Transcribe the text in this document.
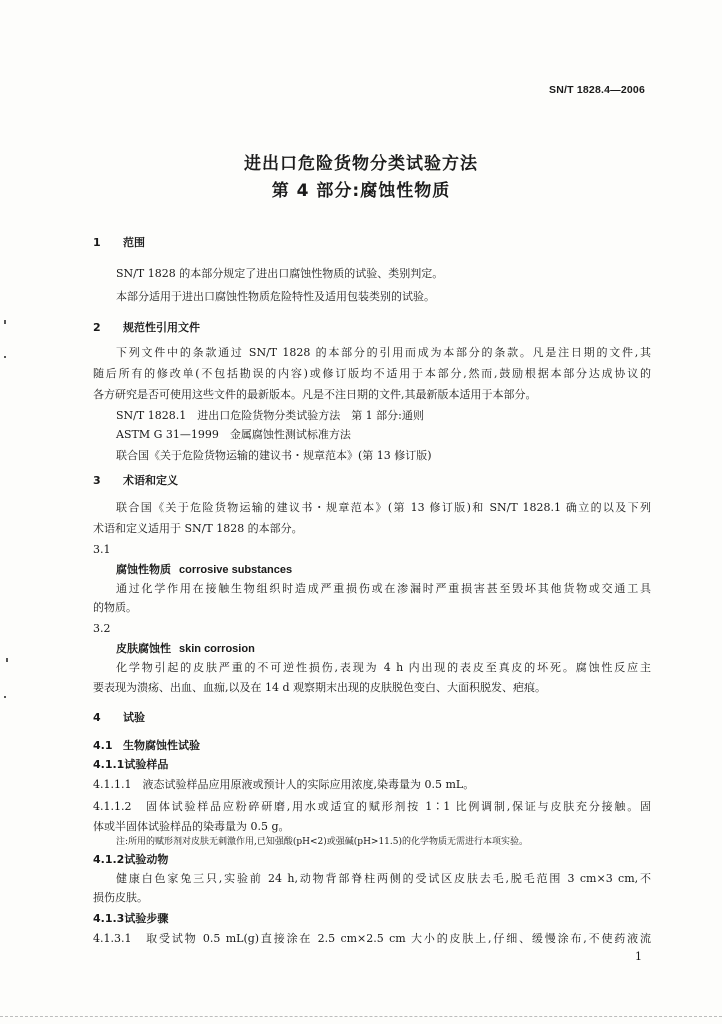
SN/T 1828.4—2006
进出口危险货物分类试验方法
第 4 部分:腐蚀性物质
1 范围
SN/T 1828 的本部分规定了进出口腐蚀性物质的试验、类别判定。
本部分适用于进出口腐蚀性物质危险特性及适用包装类别的试验。
2 规范性引用文件
下列文件中的条款通过 SN/T 1828 的本部分的引用而成为本部分的条款。凡是注日期的文件,其
随后所有的修改单(不包括勘误的内容)或修订版均不适用于本部分,然而,鼓励根据本部分达成协议的
各方研究是否可使用这些文件的最新版本。凡是不注日期的文件,其最新版本适用于本部分。
SN/T 1828.1　进出口危险货物分类试验方法　第 1 部分:通则
ASTM G 31—1999　金属腐蚀性测试标准方法
联合国《关于危险货物运输的建议书・规章范本》(第 13 修订版)
3 术语和定义
联合国《关于危险货物运输的建议书・规章范本》(第 13 修订版)和 SN/T 1828.1 确立的以及下列
术语和定义适用于 SN/T 1828 的本部分。
3.1
腐蚀性物质 corrosive substances
通过化学作用在接触生物组织时造成严重损伤或在渗漏时严重损害甚至毁坏其他货物或交通工具
的物质。
3.2
皮肤腐蚀性 skin corrosion
化学物引起的皮肤严重的不可逆性损伤,表现为 4 h 内出现的表皮至真皮的坏死。腐蚀性反应主
要表现为溃疡、出血、血痂,以及在 14 d 观察期末出现的皮肤脱色变白、大面积脱发、疤痕。
4 试验
4.1 生物腐蚀性试验
4.1.1试验样品
4.1.1.1　液态试验样品应用原液或预计人的实际应用浓度,染毒量为 0.5 mL。
4.1.1.2　固体试验样品应粉碎研磨,用水或适宜的赋形剂按 1∶1 比例调制,保证与皮肤充分接触。固
体或半固体试验样品的染毒量为 0.5 g。
注:所用的赋形剂对皮肤无刺激作用,已知强酸(pH<2)或强碱(pH>11.5)的化学物质无需进行本项实验。
4.1.2试验动物
健康白色家兔三只,实验前 24 h,动物背部脊柱两侧的受试区皮肤去毛,脱毛范围 3 cm×3 cm,不
损伤皮肤。
4.1.3试验步骤
4.1.3.1　取受试物 0.5 mL(g)直接涂在 2.5 cm×2.5 cm 大小的皮肤上,仔细、缓慢涂布,不使药液流
1
